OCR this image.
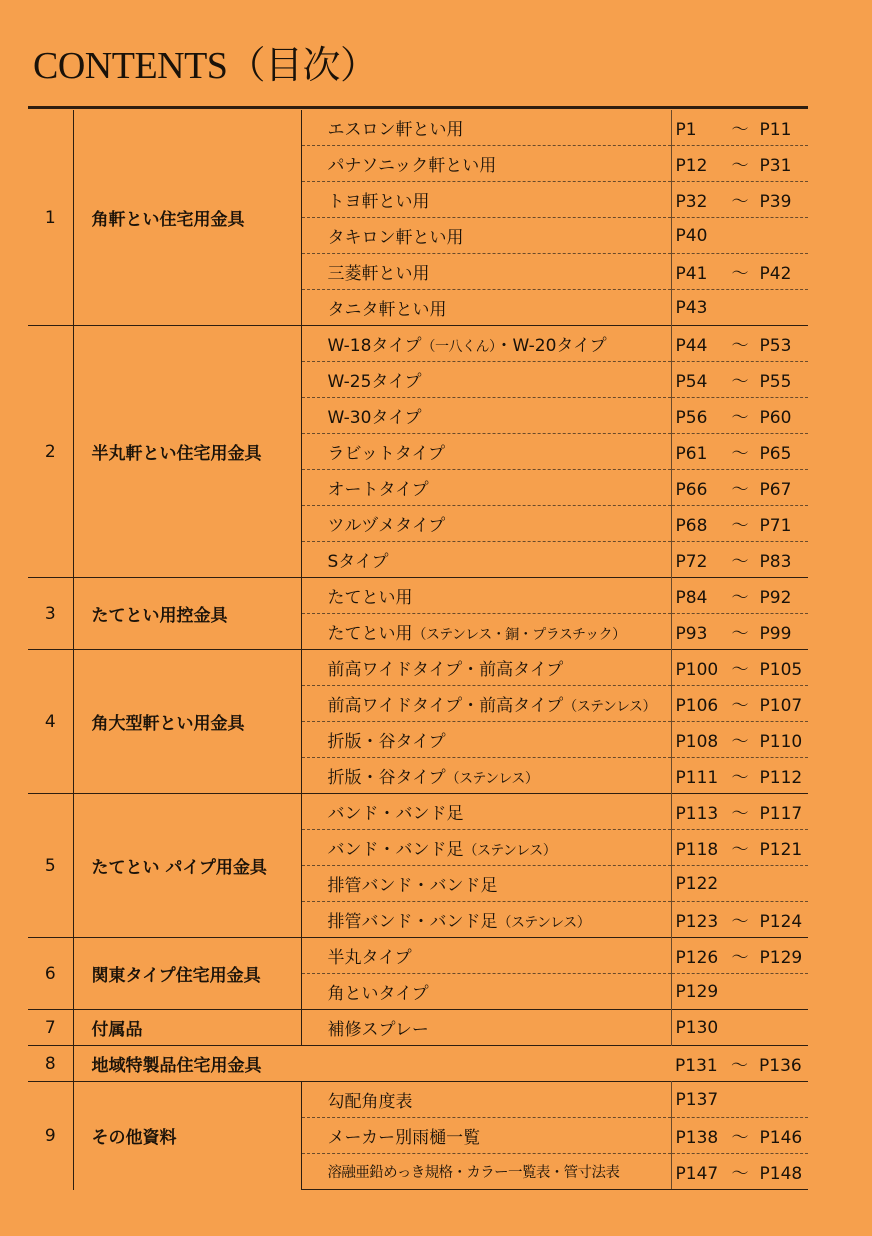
CONTENTS（目次）
1	角軒とい住宅用金具	エスロン軒とい用	P1 ～ P11
		パナソニック軒とい用	P12 ～ P31
		トヨ軒とい用	P32 ～ P39
		タキロン軒とい用	P40
		三菱軒とい用	P41 ～ P42
		タニタ軒とい用	P43
2	半丸軒とい住宅用金具	W-18タイプ（一八くん）・W-20タイプ	P44 ～ P53
		W-25タイプ	P54 ～ P55
		W-30タイプ	P56 ～ P60
		ラビットタイプ	P61 ～ P65
		オートタイプ	P66 ～ P67
		ツルヅメタイプ	P68 ～ P71
		Sタイプ	P72 ～ P83
3	たてとい用控金具	たてとい用	P84 ～ P92
		たてとい用（ステンレス・銅・プラスチック）	P93 ～ P99
4	角大型軒とい用金具	前高ワイドタイプ・前高タイプ	P100 ～ P105
		前高ワイドタイプ・前高タイプ（ステンレス）	P106 ～ P107
		折版・谷タイプ	P108 ～ P110
		折版・谷タイプ（ステンレス）	P111 ～ P112
5	たてとい パイプ用金具	バンド・バンド足	P113 ～ P117
		バンド・バンド足（ステンレス）	P118 ～ P121
		排管バンド・バンド足	P122
		排管バンド・バンド足（ステンレス）	P123 ～ P124
6	関東タイプ住宅用金具	半丸タイプ	P126 ～ P129
		角といタイプ	P129
7	付属品	補修スプレー	P130
8	地域特製品住宅用金具		P131 ～ P136
9	その他資料	勾配角度表	P137
		メーカー別雨樋一覧	P138 ～ P146
		溶融亜鉛めっき規格・カラー一覧表・管寸法表	P147 ～ P148
